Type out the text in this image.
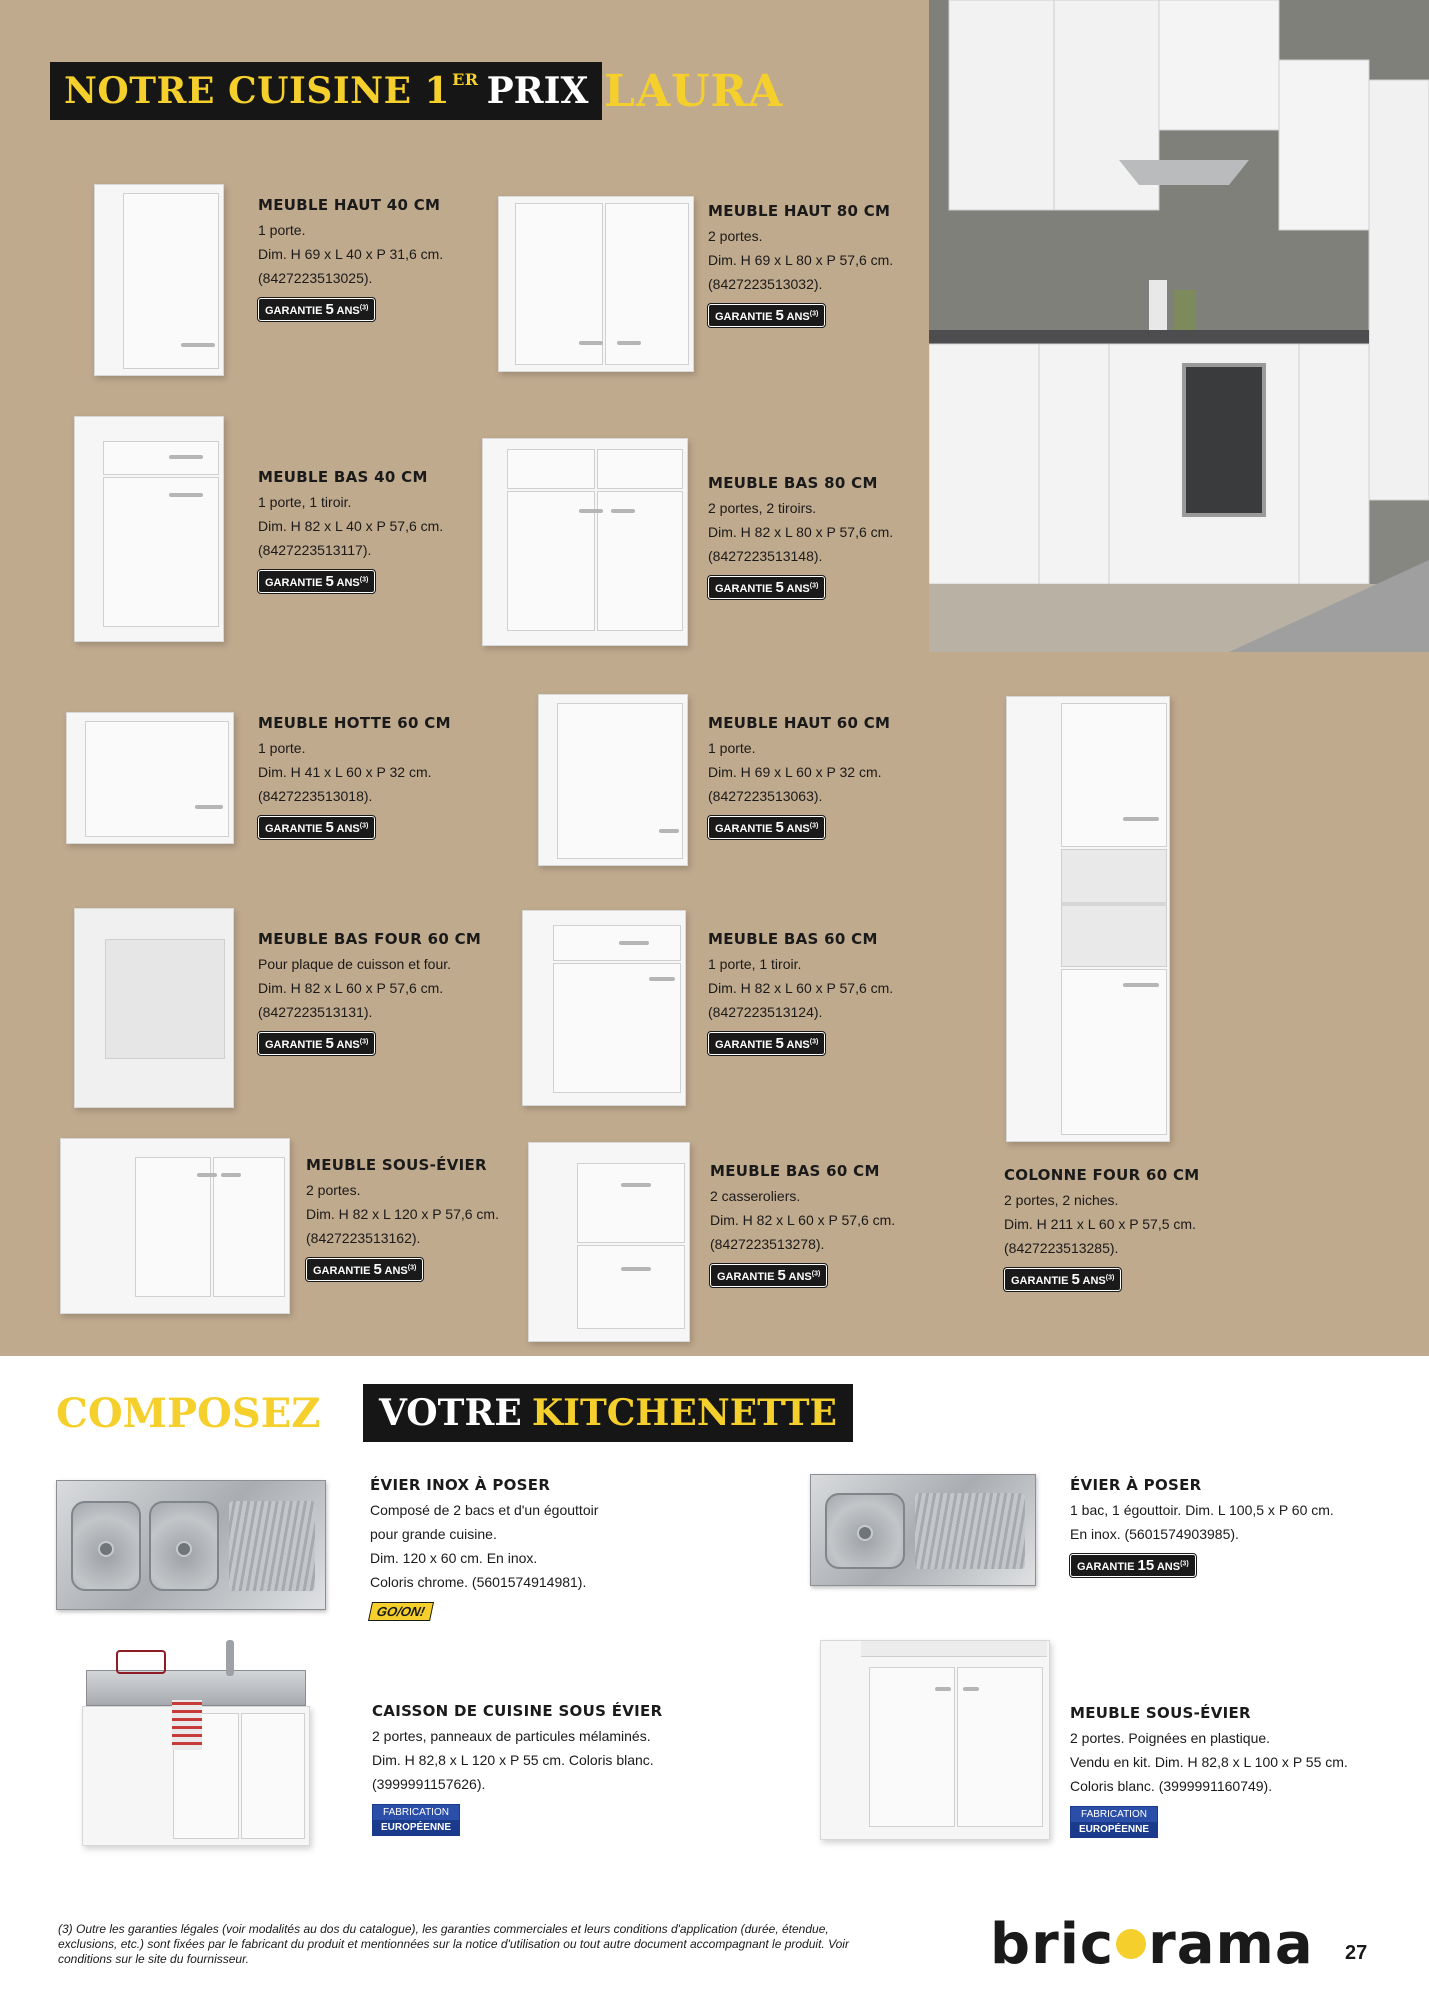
NOTRE CUISINE 1 $^{ER}$ PRIX LAURA
MEUBLE HAUT 40 CM
1 porte.
Dim. H 69 x L 40 x P 31,6 cm.
(8427223513025).
GARANTIE 5 ANS$^{(3)}$
MEUBLE HAUT 80 CM
2 portes.
Dim. H 69 x L 80 x P 57,6 cm.
(8427223513032).
GARANTIE 5 ANS$^{(3)}$
MEUBLE BAS 40 CM
1 porte, 1 tiroir.
Dim. H 82 x L 40 x P 57,6 cm.
(8427223513117).
GARANTIE 5 ANS$^{(3)}$
MEUBLE BAS 80 CM
2 portes, 2 tiroirs.
Dim. H 82 x L 80 x P 57,6 cm.
(8427223513148).
GARANTIE 5 ANS$^{(3)}$
MEUBLE HOTTE 60 CM
1 porte.
Dim. H 41 x L 60 x P 32 cm.
(8427223513018).
GARANTIE 5 ANS$^{(3)}$
MEUBLE HAUT 60 CM
1 porte.
Dim. H 69 x L 60 x P 32 cm.
(8427223513063).
GARANTIE 5 ANS$^{(3)}$
MEUBLE BAS FOUR 60 CM
Pour plaque de cuisson et four.
Dim. H 82 x L 60 x P 57,6 cm.
(8427223513131).
GARANTIE 5 ANS$^{(3)}$
MEUBLE BAS 60 CM
1 porte, 1 tiroir.
Dim. H 82 x L 60 x P 57,6 cm.
(8427223513124).
GARANTIE 5 ANS$^{(3)}$
MEUBLE SOUS-ÉVIER
2 portes.
Dim. H 82 x L 120 x P 57,6 cm.
(8427223513162).
GARANTIE 5 ANS$^{(3)}$
MEUBLE BAS 60 CM
2 casseroliers.
Dim. H 82 x L 60 x P 57,6 cm.
(8427223513278).
GARANTIE 5 ANS$^{(3)}$
COLONNE FOUR 60 CM
2 portes, 2 niches.
Dim. H 211 x L 60 x P 57,5 cm.
(8427223513285).
GARANTIE 5 ANS$^{(3)}$
COMPOSEZ VOTRE KITCHENETTE
ÉVIER INOX À POSER
Composé de 2 bacs et d'un égouttoir
pour grande cuisine.
Dim. 120 x 60 cm. En inox.
Coloris chrome. (5601574914981).
GO/ON!
ÉVIER À POSER
1 bac, 1 égouttoir. Dim. L 100,5 x P 60 cm.
En inox. (5601574903985).
GARANTIE 15 ANS$^{(3)}$
CAISSON DE CUISINE SOUS ÉVIER
2 portes, panneaux de particules mélaminés.
Dim. H 82,8 x L 120 x P 55 cm. Coloris blanc.
(3999991157626).
FABRICATION
EUROPÉENNE
MEUBLE SOUS-ÉVIER
2 portes. Poignées en plastique.
Vendu en kit. Dim. H 82,8 x L 100 x P 55 cm.
Coloris blanc. (3999991160749).
FABRICATION
EUROPÉENNE
(3) Outre les garanties légales (voir modalités au dos du catalogue), les garanties commerciales et leurs conditions d'application (durée, étendue, exclusions, etc.) sont fixées par le fabricant du produit et mentionnées sur la notice d'utilisation ou tout autre document accompagnant le produit. Voir conditions sur le site du fournisseur.	bric rama 27
